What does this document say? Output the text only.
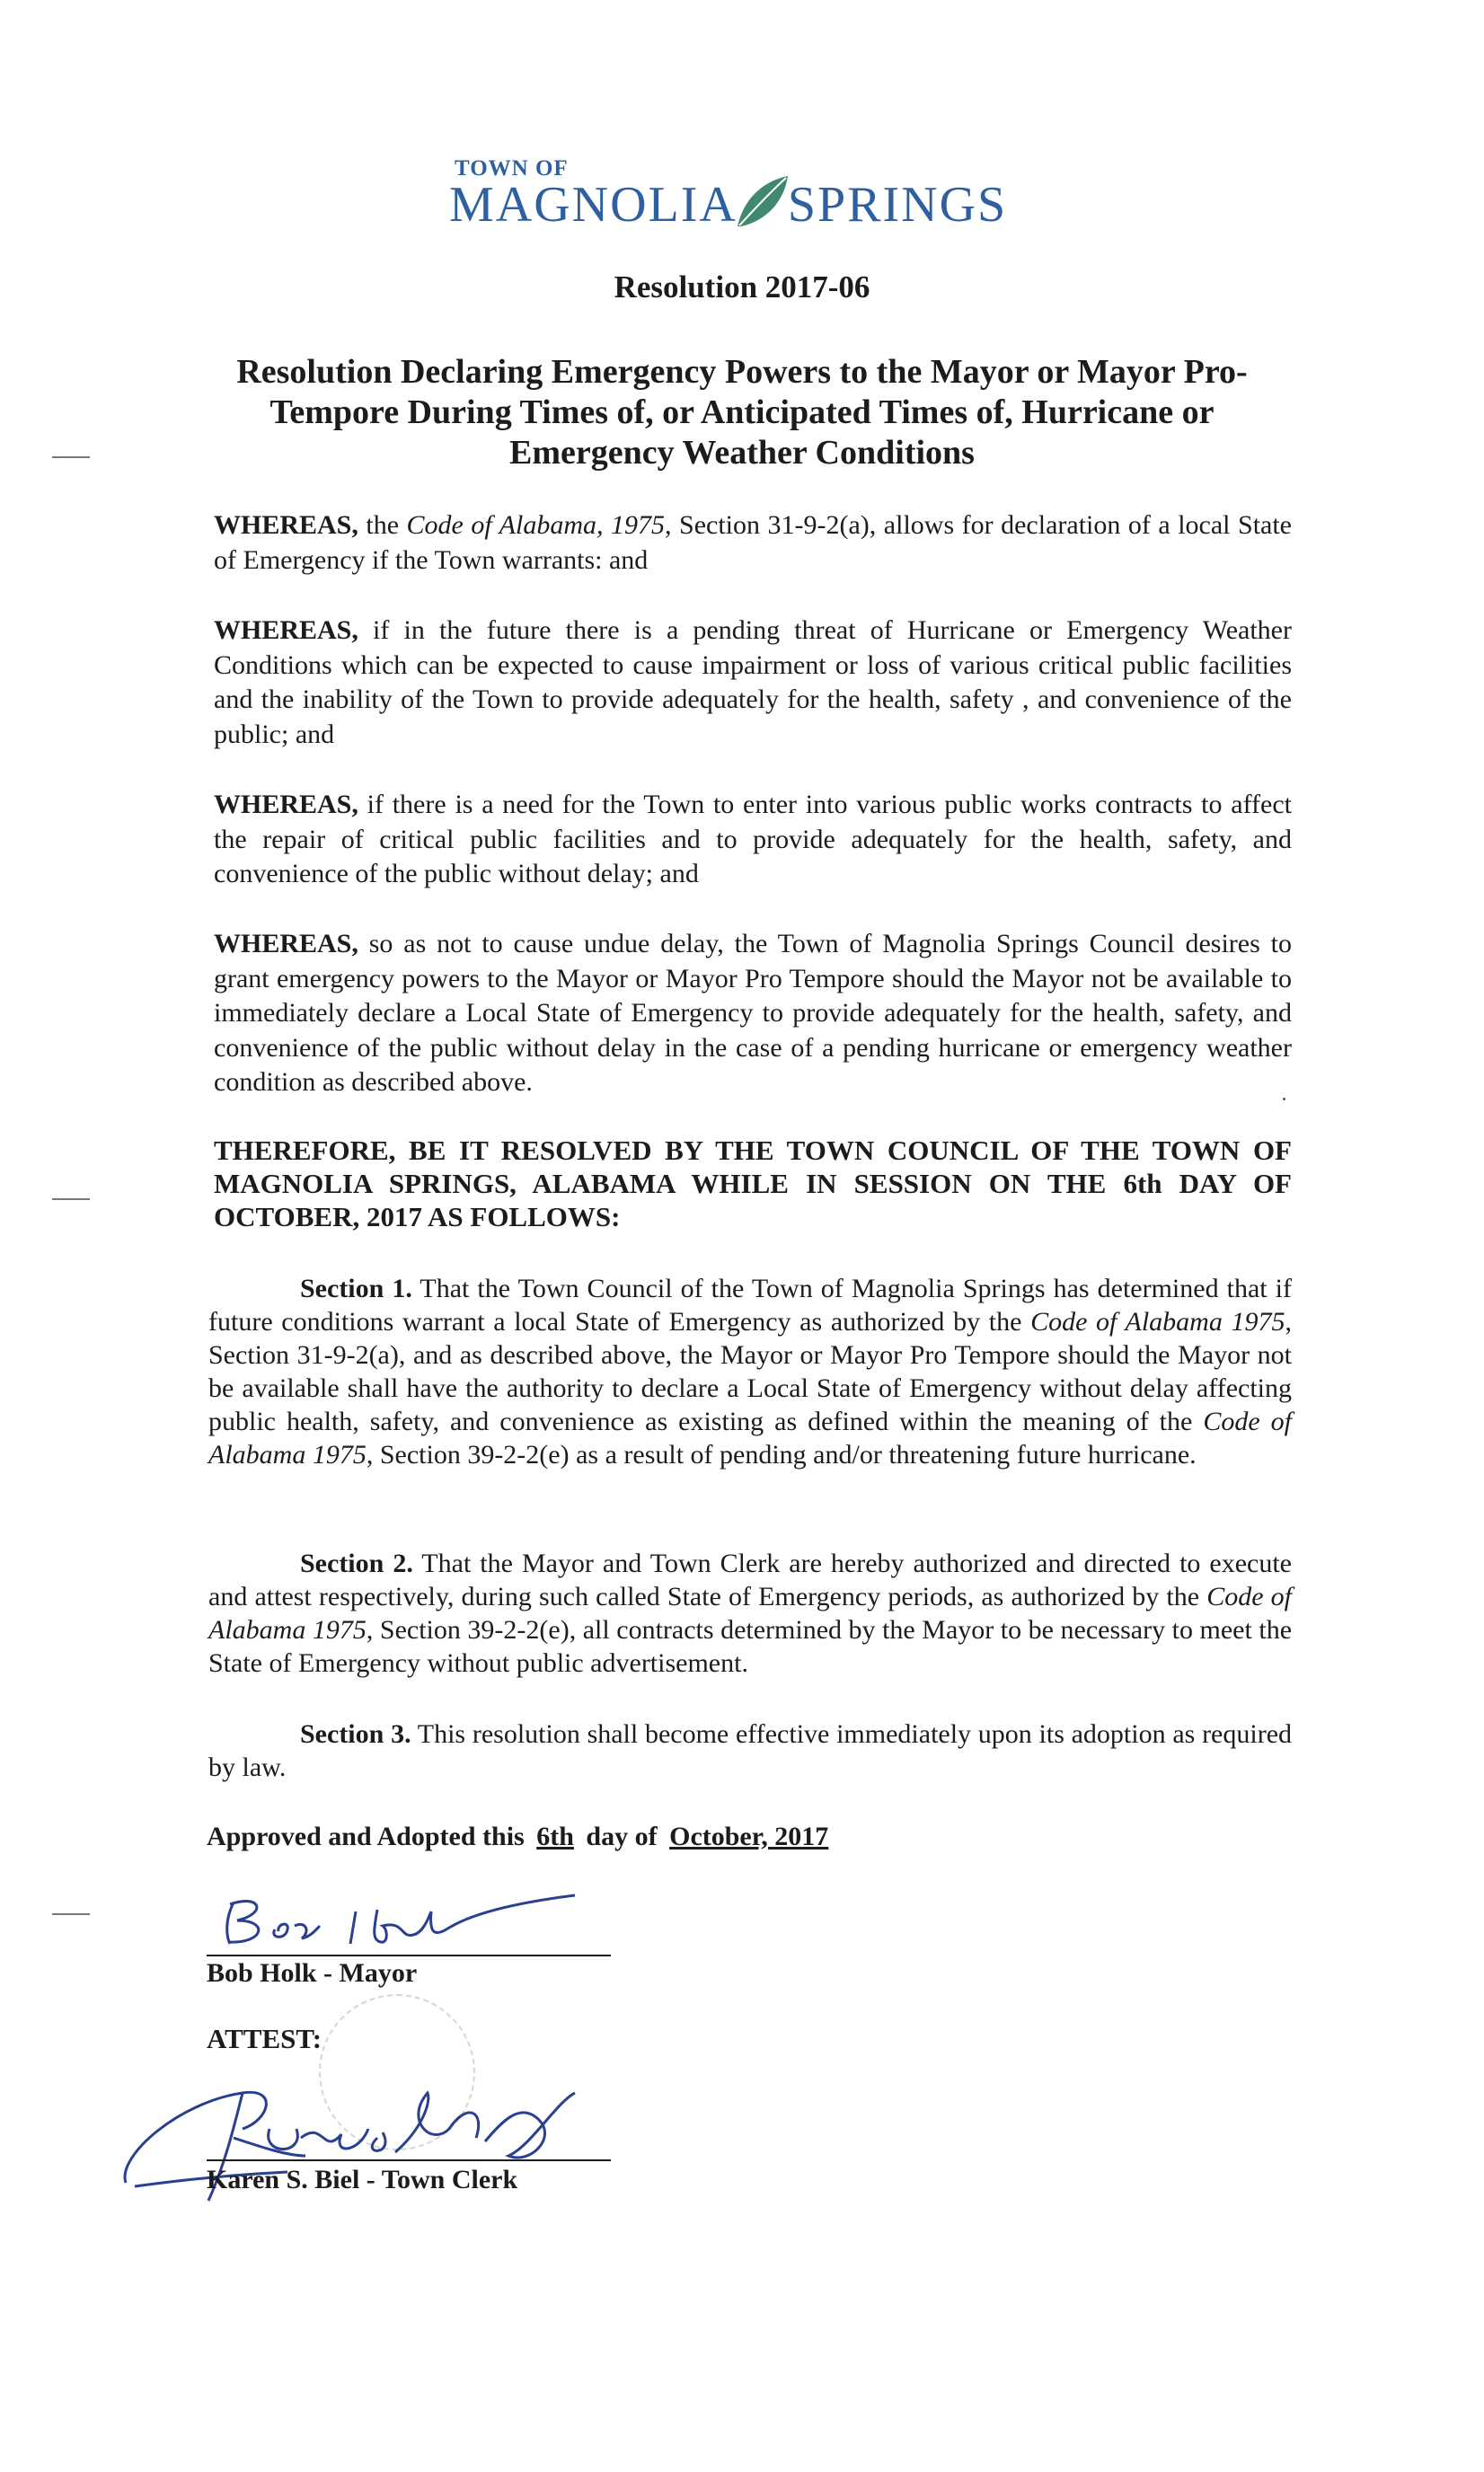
TOWN OF
MAGNOLIA SPRINGS
Resolution 2017-06
Resolution Declaring Emergency Powers to the Mayor or Mayor Pro-
Tempore During Times of, or Anticipated Times of, Hurricane or
Emergency Weather Conditions

WHEREAS, the Code of Alabama, 1975, Section 31-9-2(a), allows for declaration of a local State of Emergency if the Town warrants: and

WHEREAS, if in the future there is a pending threat of Hurricane or Emergency Weather Conditions which can be expected to cause impairment or loss of various critical public facilities and the inability of the Town to provide adequately for the health, safety , and convenience of the public; and

WHEREAS, if there is a need for the Town to enter into various public works contracts to affect the repair of critical public facilities and to provide adequately for the health, safety, and convenience of the public without delay; and

WHEREAS, so as not to cause undue delay, the Town of Magnolia Springs Council desires to grant emergency powers to the Mayor or Mayor Pro Tempore should the Mayor not be available to immediately declare a Local State of Emergency to provide adequately for the health, safety, and convenience of the public without delay in the case of a pending hurricane or emergency weather condition as described above.

THEREFORE, BE IT RESOLVED BY THE TOWN COUNCIL OF THE TOWN OF MAGNOLIA SPRINGS, ALABAMA WHILE IN SESSION ON THE 6th DAY OF OCTOBER, 2017 AS FOLLOWS:

Section 1. That the Town Council of the Town of Magnolia Springs has determined that if future conditions warrant a local State of Emergency as authorized by the Code of Alabama 1975, Section 31-9-2(a), and as described above, the Mayor or Mayor Pro Tempore should the Mayor not be available shall have the authority to declare a Local State of Emergency without delay affecting public health, safety, and convenience as existing as defined within the meaning of the Code of Alabama 1975, Section 39-2-2(e) as a result of pending and/or threatening future hurricane.

Section 2. That the Mayor and Town Clerk are hereby authorized and directed to execute and attest respectively, during such called State of Emergency periods, as authorized by the Code of Alabama 1975, Section 39-2-2(e), all contracts determined by the Mayor to be necessary to meet the State of Emergency without public advertisement.

Section 3. This resolution shall become effective immediately upon its adoption as required by law.

Approved and Adopted this 6th day of October, 2017
Bob Holk - Mayor
ATTEST:
Karen S. Biel - Town Clerk
